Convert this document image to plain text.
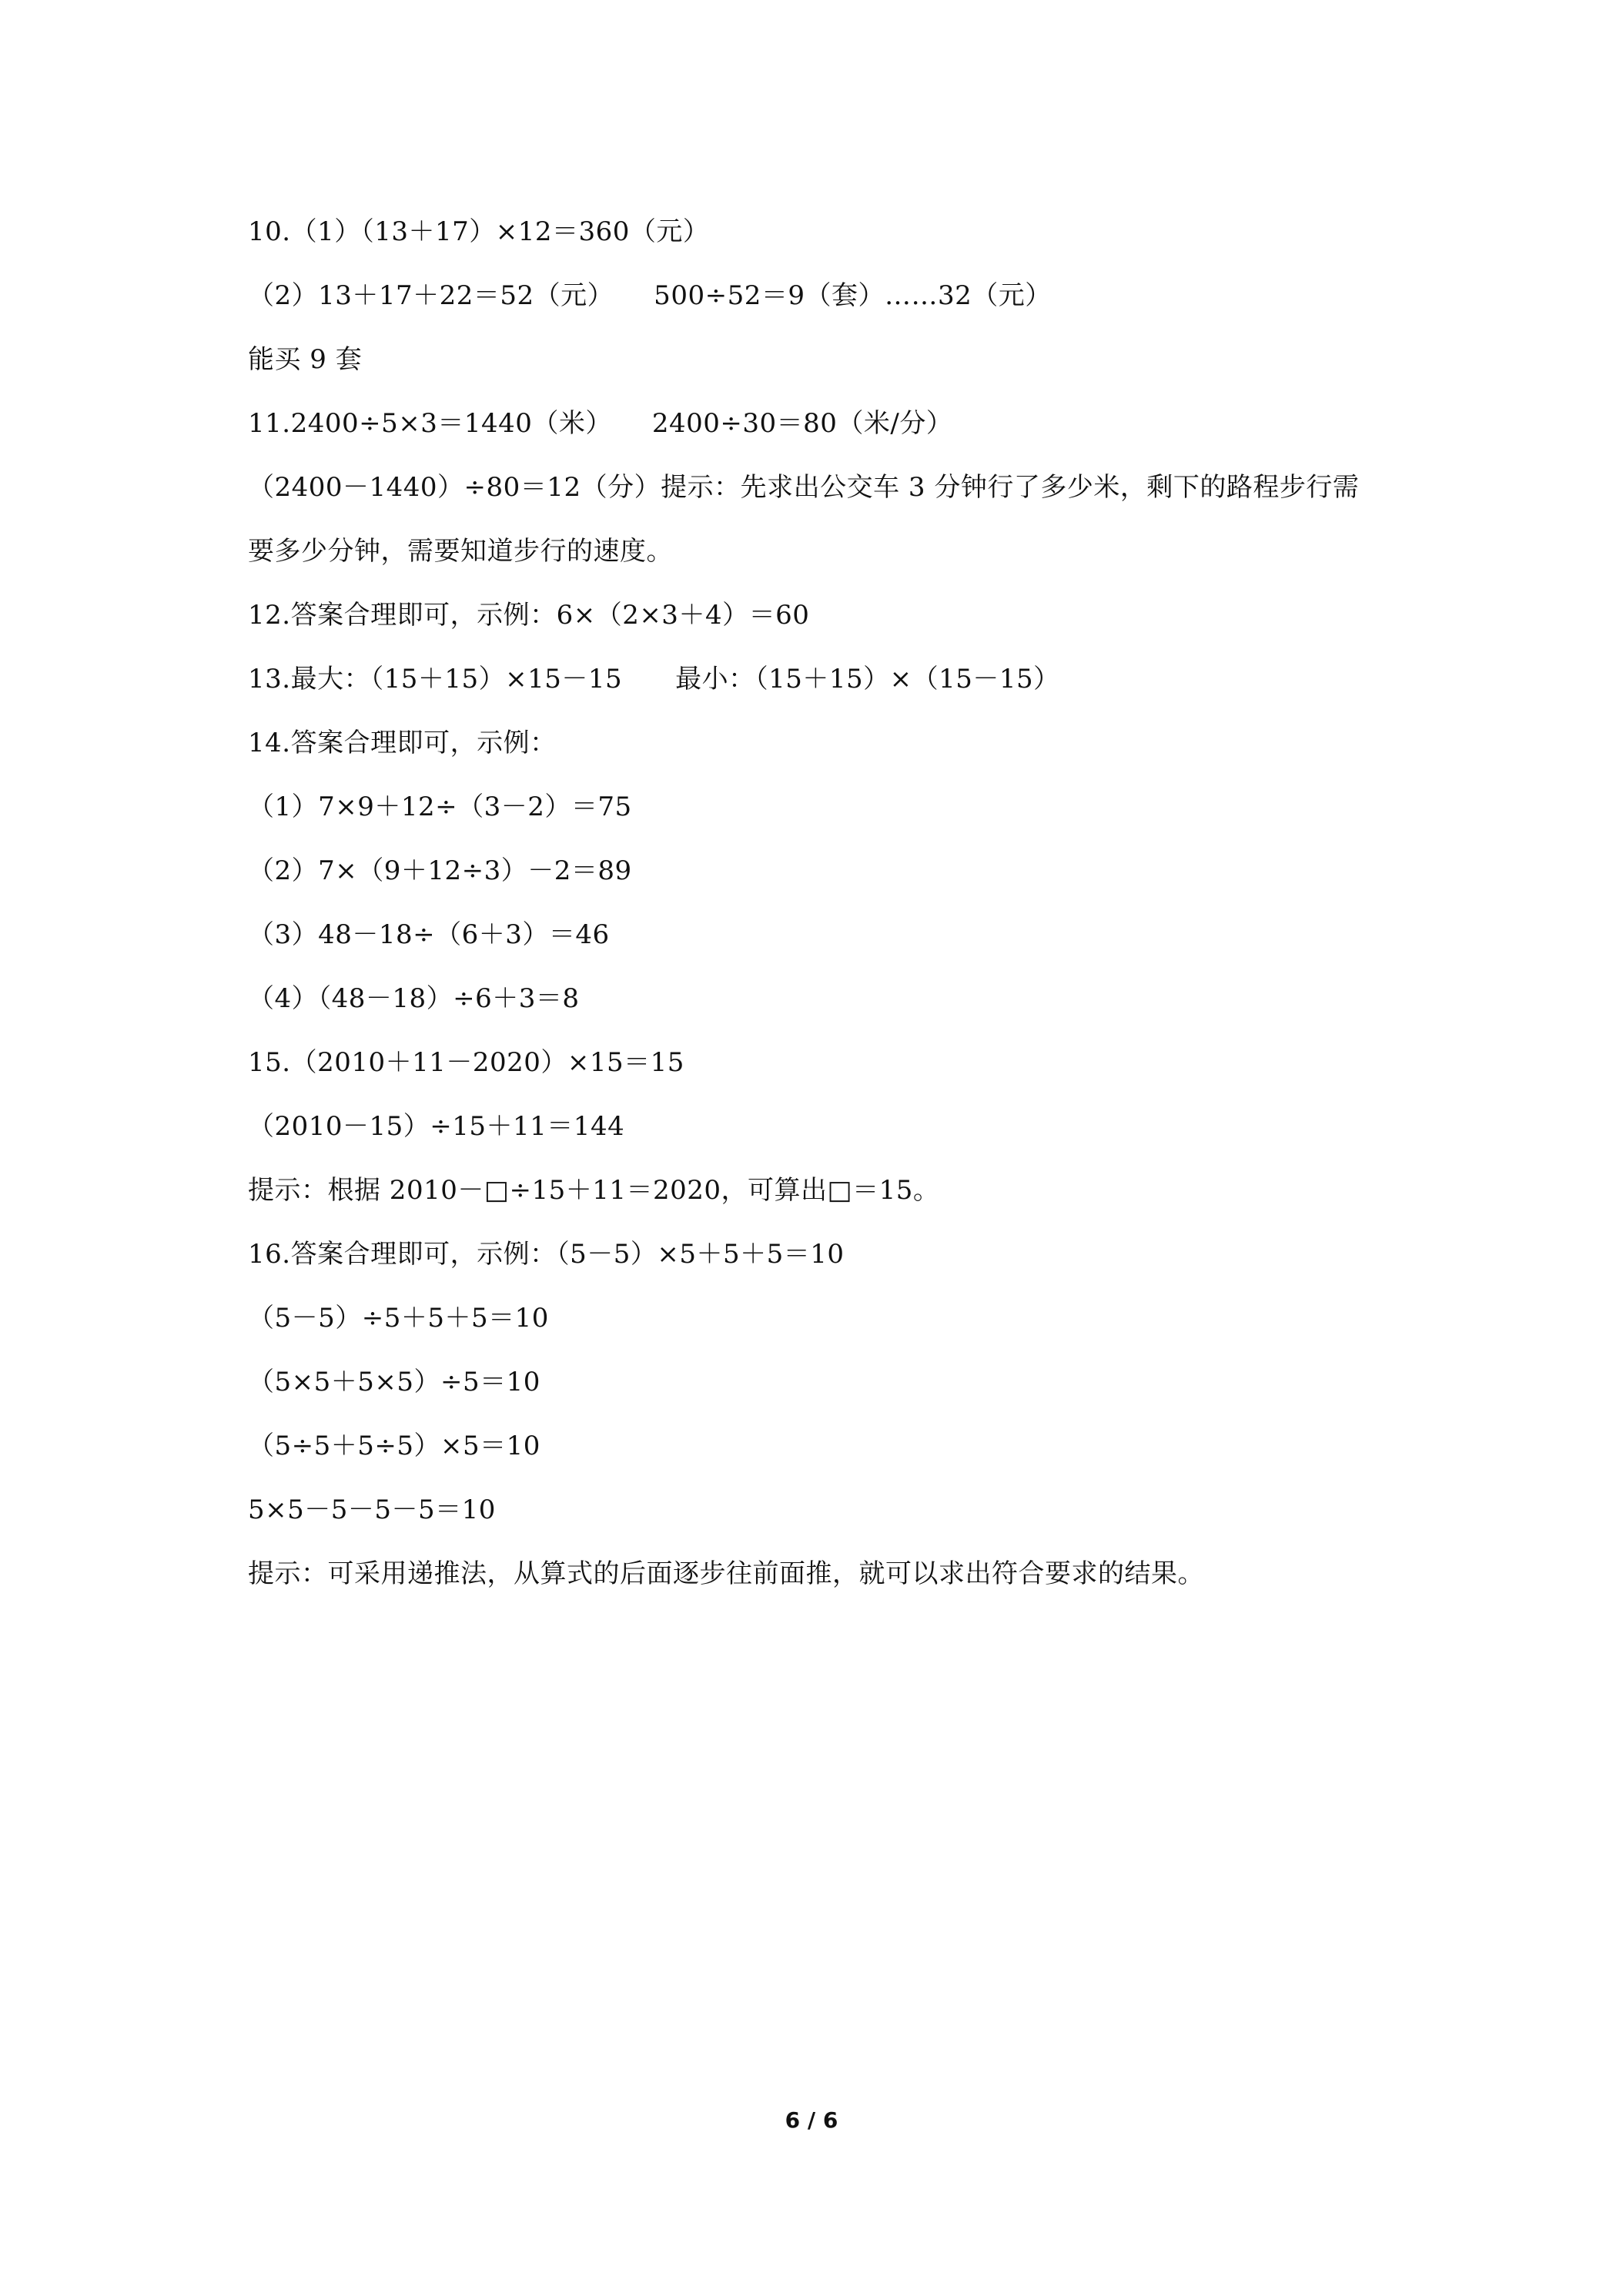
10.（1）（13＋17）×12＝360（元）
（2）13＋17＋22＝52（元）　　500÷52＝9（套）……32（元）
能买 9 套
11.2400÷5×3＝1440（米）　　2400÷30＝80（米/分）
（2400－1440）÷80＝12（分）提示：先求出公交车 3 分钟行了多少米，剩下的路程步行需
要多少分钟，需要知道步行的速度。
12.答案合理即可，示例：6×（2×3＋4）＝60
13.最大：（15＋15）×15－15　　最小：（15＋15）×（15－15）
14.答案合理即可，示例：
（1）7×9＋12÷（3－2）＝75
（2）7×（9＋12÷3）－2＝89
（3）48－18÷（6＋3）＝46
（4）（48－18）÷6＋3＝8
15.（2010＋11－2020）×15＝15
（2010－15）÷15＋11＝144
提示：根据 2010－□÷15＋11＝2020，可算出□＝15。
16.答案合理即可，示例：（5－5）×5＋5＋5＝10
（5－5）÷5＋5＋5＝10
（5×5＋5×5）÷5＝10
（5÷5＋5÷5）×5＝10
5×5－5－5－5＝10
提示：可采用递推法，从算式的后面逐步往前面推，就可以求出符合要求的结果。
6 / 6
